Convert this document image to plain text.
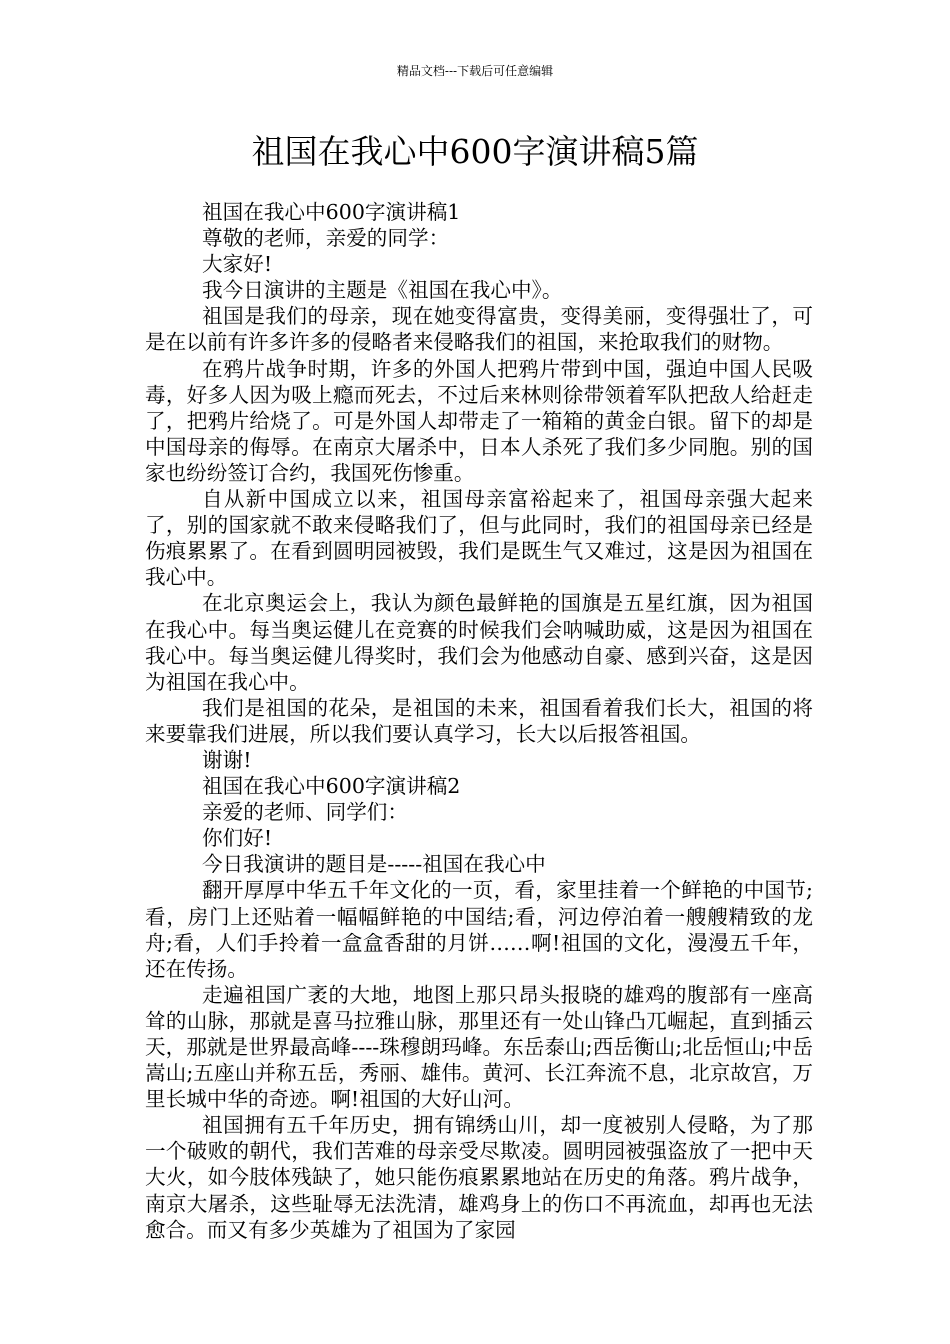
精品文档---下载后可任意编辑
祖国在我心中600字演讲稿5篇

祖国在我心中600字演讲稿1

尊敬的老师，亲爱的同学：

大家好!

我今日演讲的主题是《祖国在我心中》。

祖国是我们的母亲，现在她变得富贵，变得美丽，变得强壮了，可是在以前有许多许多的侵略者来侵略我们的祖国，来抢取我们的财物。

在鸦片战争时期，许多的外国人把鸦片带到中国，强迫中国人民吸毒，好多人因为吸上瘾而死去，不过后来林则徐带领着军队把敌人给赶走了，把鸦片给烧了。可是外国人却带走了一箱箱的黄金白银。留下的却是中国母亲的侮辱。在南京大屠杀中，日本人杀死了我们多少同胞。别的国家也纷纷签订合约，我国死伤惨重。

自从新中国成立以来，祖国母亲富裕起来了，祖国母亲强大起来了，别的国家就不敢来侵略我们了，但与此同时，我们的祖国母亲已经是伤痕累累了。在看到圆明园被毁，我们是既生气又难过，这是因为祖国在我心中。

在北京奥运会上，我认为颜色最鲜艳的国旗是五星红旗，因为祖国在我心中。每当奥运健儿在竞赛的时候我们会呐喊助威，这是因为祖国在我心中。每当奥运健儿得奖时，我们会为他感动自豪、感到兴奋，这是因为祖国在我心中。

我们是祖国的花朵，是祖国的未来，祖国看着我们长大，祖国的将来要靠我们进展，所以我们要认真学习，长大以后报答祖国。

谢谢!

祖国在我心中600字演讲稿2

亲爱的老师、同学们：

你们好!

今日我演讲的题目是-----祖国在我心中

翻开厚厚中华五千年文化的一页，看，家里挂着一个鲜艳的中国节;看，房门上还贴着一幅幅鲜艳的中国结;看，河边停泊着一艘艘精致的龙舟;看，人们手拎着一盒盒香甜的月饼……啊!祖国的文化，漫漫五千年，还在传扬。

走遍祖国广袤的大地，地图上那只昂头报晓的雄鸡的腹部有一座高耸的山脉，那就是喜马拉雅山脉，那里还有一处山锋凸兀崛起，直到插云天，那就是世界最高峰----珠穆朗玛峰。东岳泰山;西岳衡山;北岳恒山;中岳嵩山;五座山并称五岳，秀丽、雄伟。黄河、长江奔流不息，北京故宫，万里长城中华的奇迹。啊!祖国的大好山河。

祖国拥有五千年历史，拥有锦绣山川，却一度被别人侵略，为了那一个破败的朝代，我们苦难的母亲受尽欺凌。圆明园被强盗放了一把中天大火，如今肢体残缺了，她只能伤痕累累地站在历史的角落。鸦片战争，南京大屠杀，这些耻辱无法洗清，雄鸡身上的伤口不再流血，却再也无法愈合。而又有多少英雄为了祖国为了家园
